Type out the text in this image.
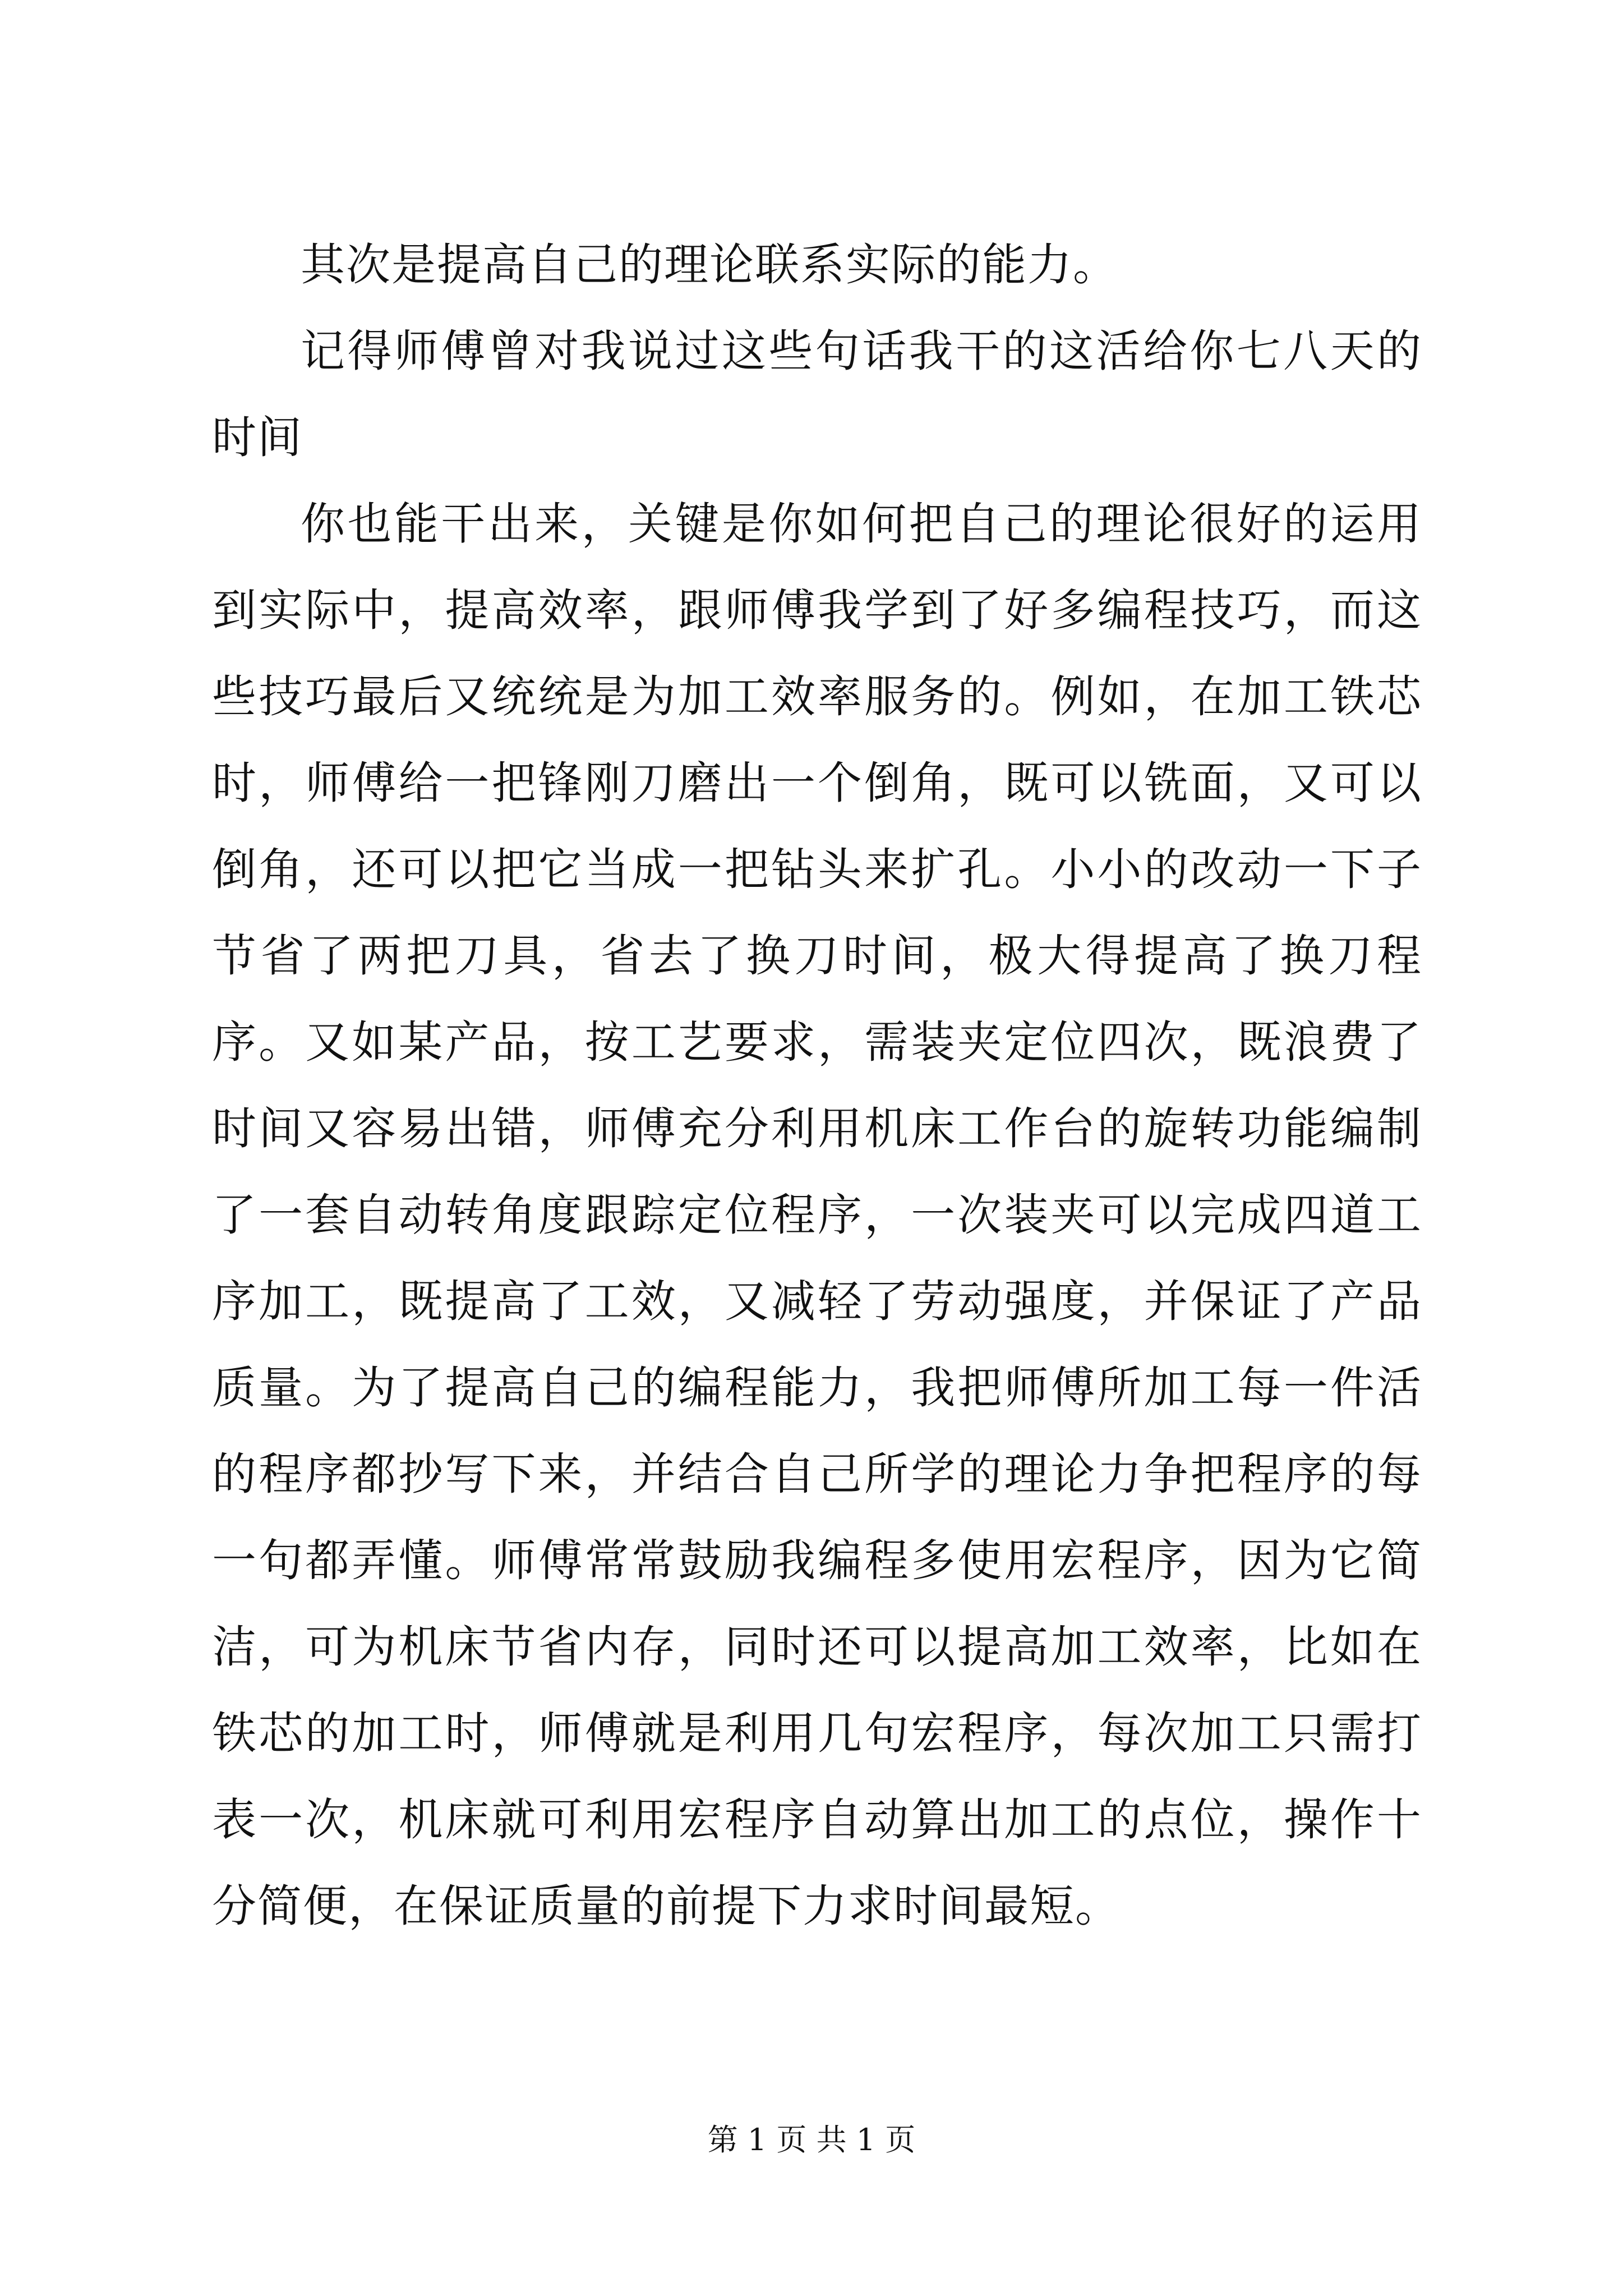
其次是提高自己的理论联系实际的能力。

记得师傅曾对我说过这些句话我干的这活给你七八天的时间

你也能干出来，关键是你如何把自己的理论很好的运用到实际中，提高效率，跟师傅我学到了好多编程技巧，而这些技巧最后又统统是为加工效率服务的。例如，在加工铁芯时，师傅给一把锋刚刀磨出一个倒角，既可以铣面，又可以倒角，还可以把它当成一把钻头来扩孔。小小的改动一下子节省了两把刀具，省去了换刀时间，极大得提高了换刀程序。又如某产品，按工艺要求，需装夹定位四次，既浪费了时间又容易出错，师傅充分利用机床工作台的旋转功能编制了一套自动转角度跟踪定位程序，一次装夹可以完成四道工序加工，既提高了工效，又减轻了劳动强度，并保证了产品质量。为了提高自己的编程能力，我把师傅所加工每一件活的程序都抄写下来，并结合自己所学的理论力争把程序的每一句都弄懂。师傅常常鼓励我编程多使用宏程序，因为它简洁，可为机床节省内存，同时还可以提高加工效率，比如在铁芯的加工时，师傅就是利用几句宏程序，每次加工只需打表一次，机床就可利用宏程序自动算出加工的点位，操作十分简便，在保证质量的前提下力求时间最短。

第 1 页 共 1 页
